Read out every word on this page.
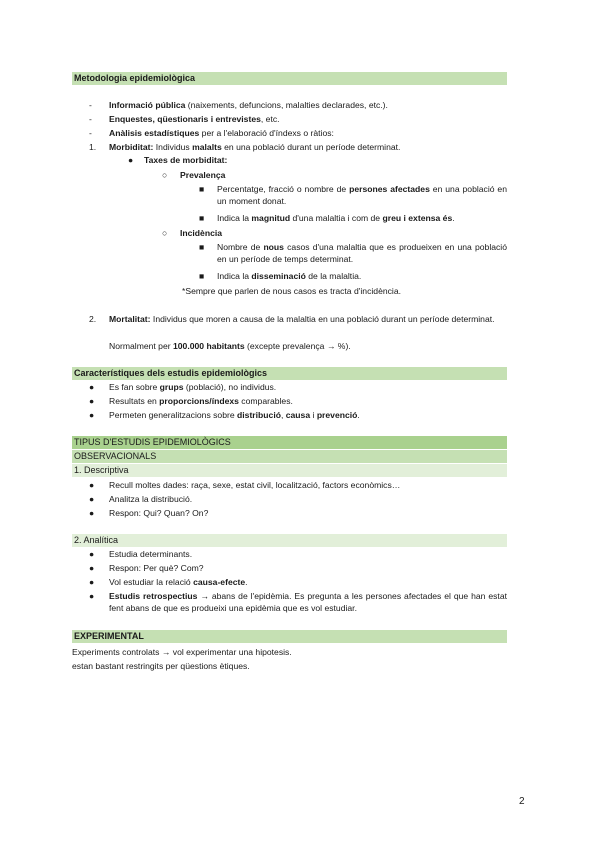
Metodologia epidemiològica
- Informació pública (naixements, defuncions, malalties declarades, etc.).
- Enquestes, qüestionaris i entrevistes, etc.
- Anàlisis estadístiques per a l'elaboració d'índexs o ràtios:
1. Morbiditat: Individus malalts en una població durant un període determinat.
● Taxes de morbiditat:
○ Prevalença
■ Percentatge, fracció o nombre de persones afectades en una població en un moment donat.
■ Indica la magnitud d'una malaltia i com de greu i extensa és.
○ Incidència
■ Nombre de nous casos d'una malaltia que es produeixen en una població en un període de temps determinat.
■ Indica la disseminació de la malaltia.
*Sempre que parlen de nous casos es tracta d'incidència.
2. Mortalitat: Individus que moren a causa de la malaltia en una població durant un període determinat.
Normalment per 100.000 habitants (excepte prevalença → %).
Característiques dels estudis epidemiològics
● Es fan sobre grups (població), no individus.
● Resultats en proporcions/índexs comparables.
● Permeten generalitzacions sobre distribució, causa i prevenció.
TIPUS D'ESTUDIS EPIDEMIOLÒGICS
OBSERVACIONALS
1. Descriptiva
● Recull moltes dades: raça, sexe, estat civil, localització, factors econòmics…
● Analitza la distribució.
● Respon: Qui? Quan? On?
2. Analítica
● Estudia determinants.
● Respon: Per què? Com?
● Vol estudiar la relació causa-efecte.
● Estudis retrospectius → abans de l'epidèmia. Es pregunta a les persones afectades el que han estat fent abans de que es produeixi una epidèmia que es vol estudiar.
EXPERIMENTAL
Experiments controlats → vol experimentar una hipotesis.
estan bastant restringits per qüestions ètiques.
2
